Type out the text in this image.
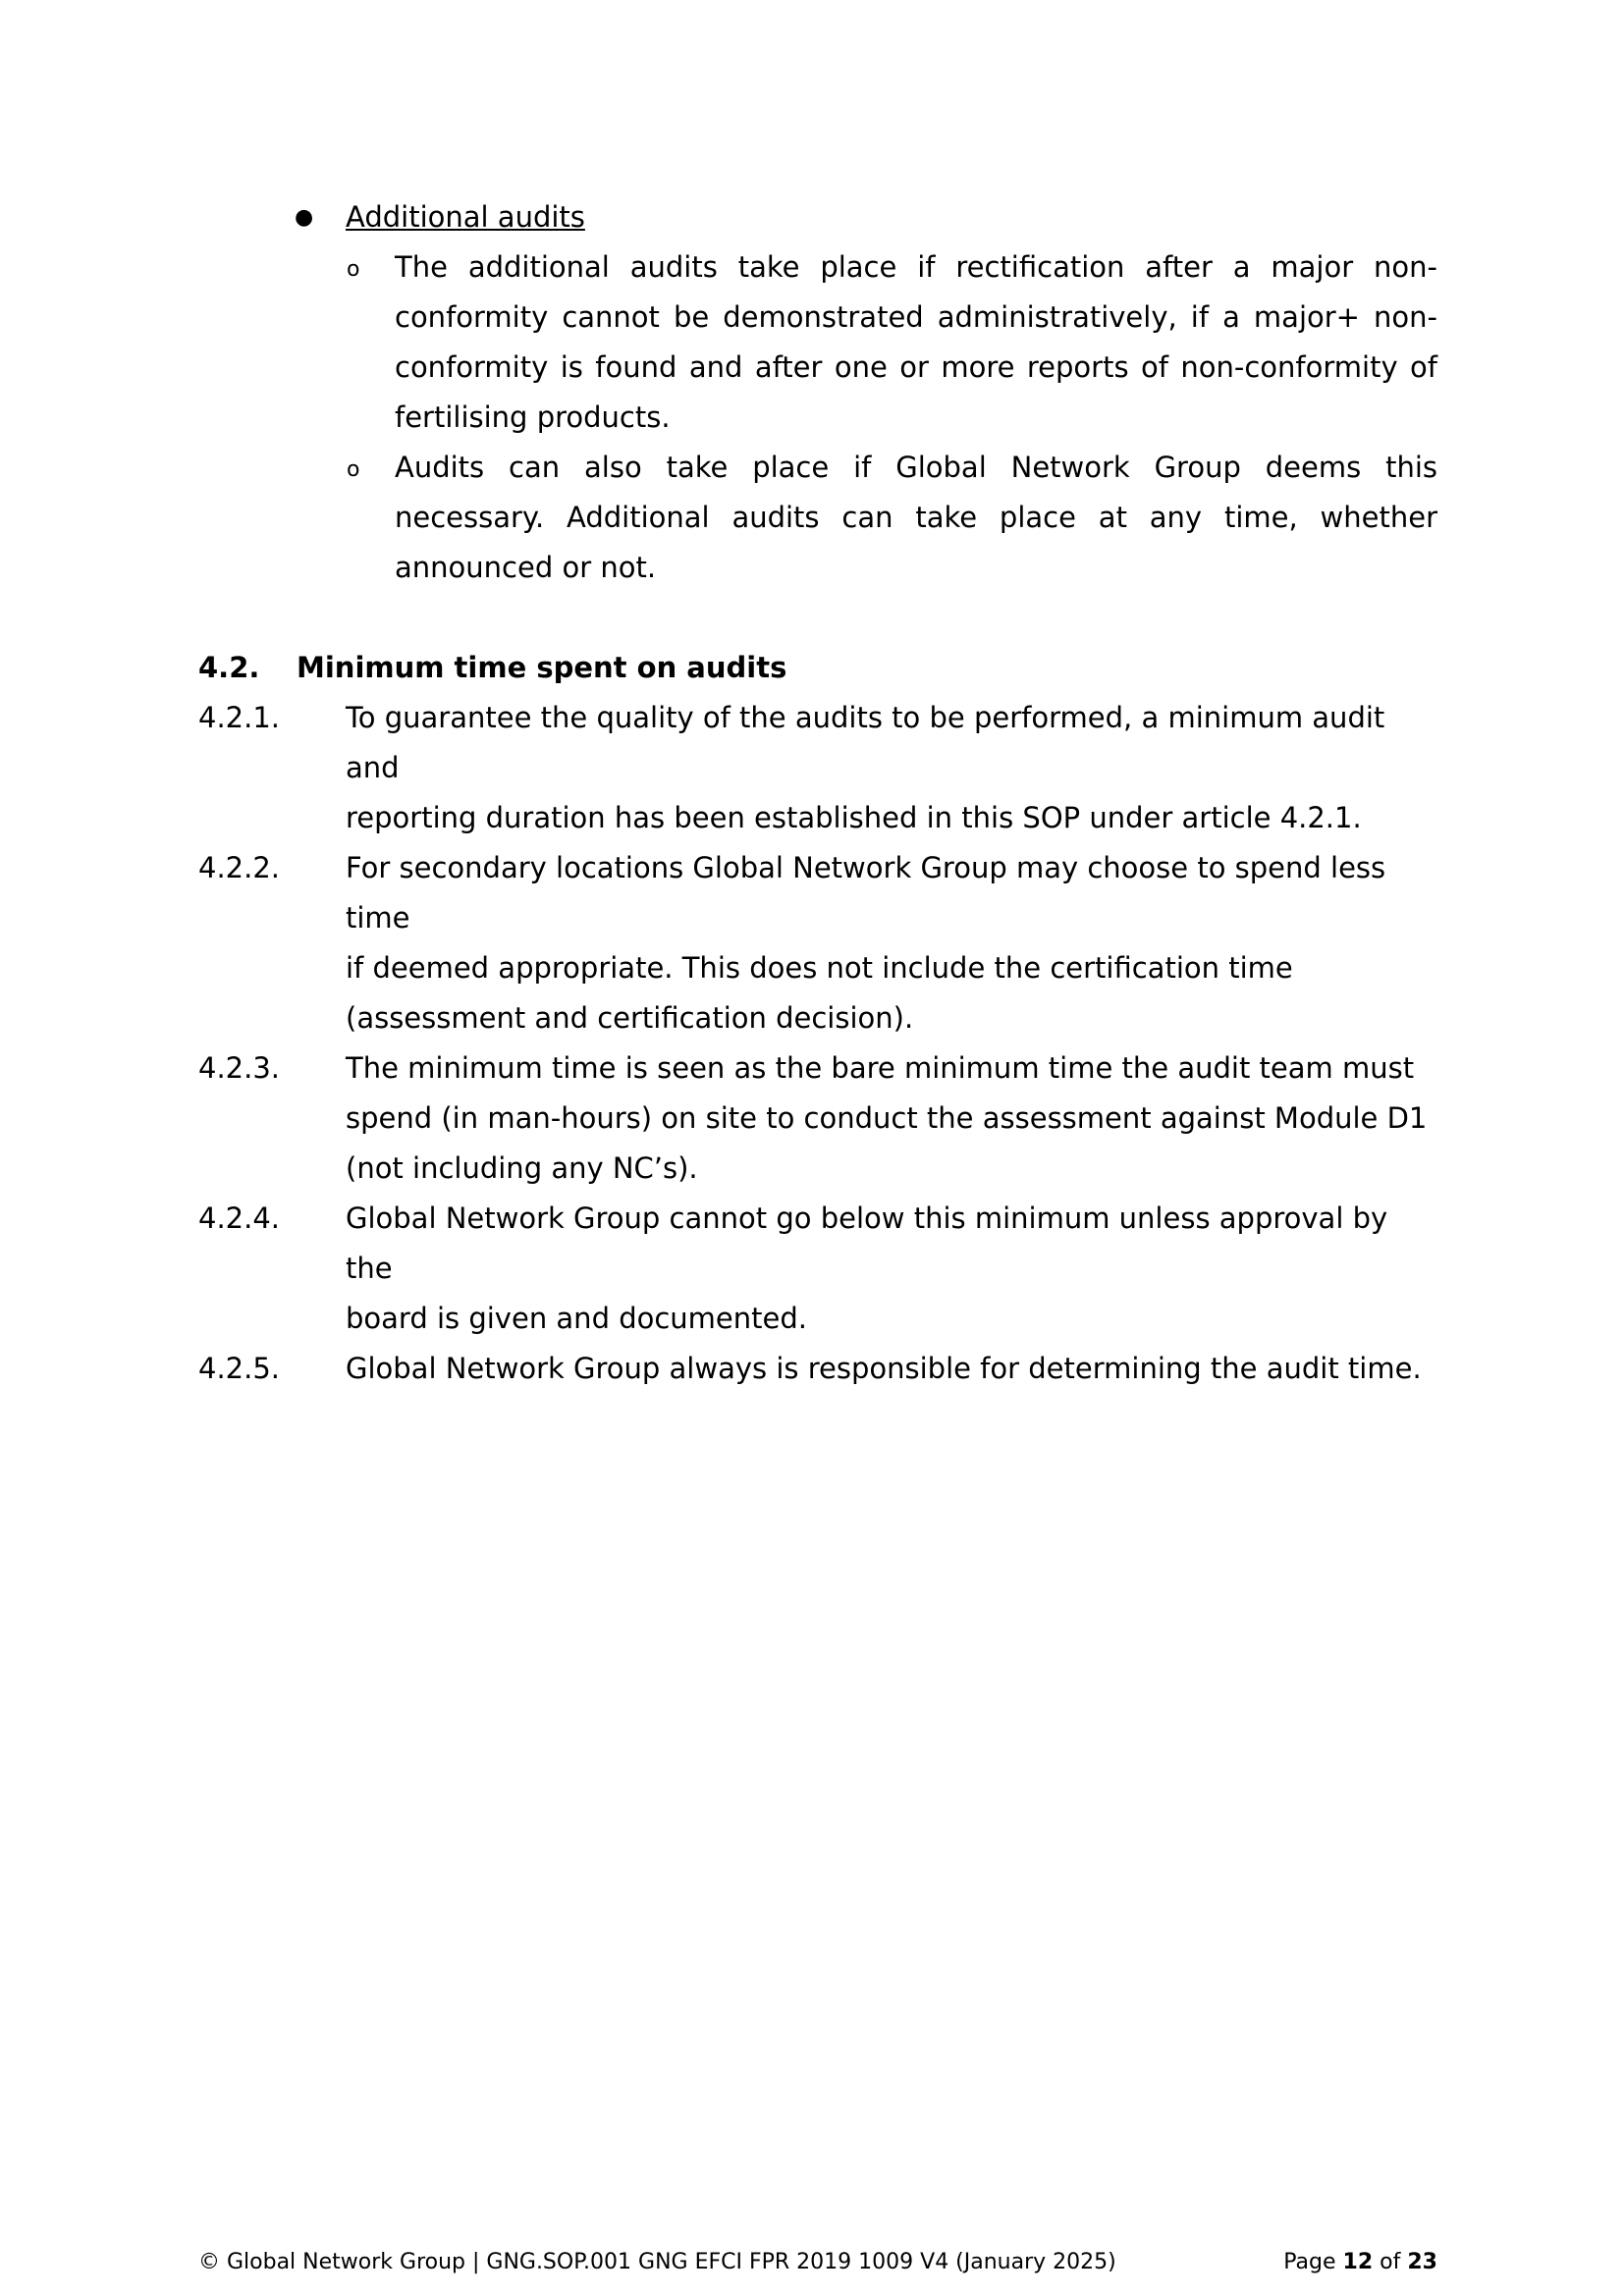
● Additional audits
o The additional audits take place if rectification after a major non-conformity cannot be demonstrated administratively, if a major+ non-conformity is found and after one or more reports of non-conformity of fertilising products.
o Audits can also take place if Global Network Group deems this necessary. Additional audits can take place at any time, whether announced or not.
4.2. Minimum time spent on audits
4.2.1. To guarantee the quality of the audits to be performed, a minimum audit and
reporting duration has been established in this SOP under article 4.2.1.
4.2.2. For secondary locations Global Network Group may choose to spend less time
if deemed appropriate. This does not include the certification time
(assessment and certification decision).
4.2.3. The minimum time is seen as the bare minimum time the audit team must
spend (in man-hours) on site to conduct the assessment against Module D1
(not including any NC’s).
4.2.4. Global Network Group cannot go below this minimum unless approval by the
board is given and documented.
4.2.5. Global Network Group always is responsible for determining the audit time.
© Global Network Group | GNG.SOP.001 GNG EFCI FPR 2019 1009 V4 (January 2025)	Page 12 of 23
